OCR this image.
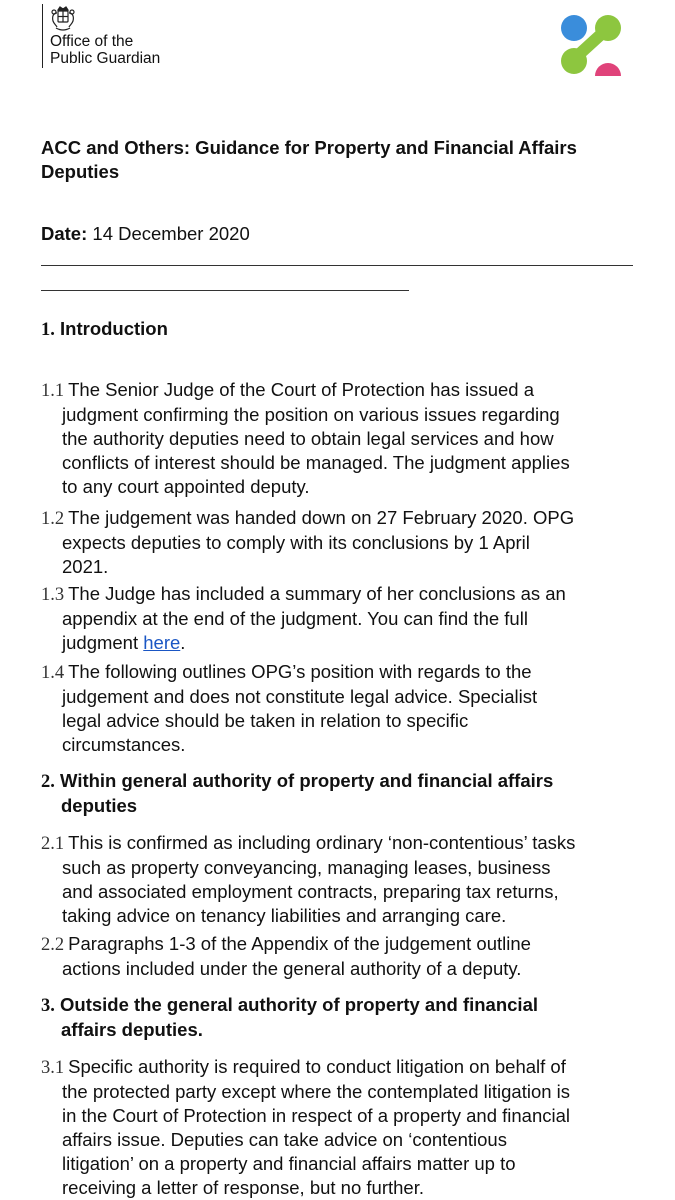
Office of the
Public Guardian
ACC and Others: Guidance for Property and Financial Affairs
Deputies
Date: 14 December 2020
1. Introduction

1.1 The Senior Judge of the Court of Protection has issued a
judgment confirming the position on various issues regarding
the authority deputies need to obtain legal services and how
conflicts of interest should be managed. The judgment applies
to any court appointed deputy.

1.2 The judgement was handed down on 27 February 2020. OPG
expects deputies to comply with its conclusions by 1 April
2021.

1.3 The Judge has included a summary of her conclusions as an
appendix at the end of the judgment. You can find the full
judgment here.

1.4 The following outlines OPG’s position with regards to the
judgement and does not constitute legal advice. Specialist
legal advice should be taken in relation to specific
circumstances.

2. Within general authority of property and financial affairs
deputies

2.1 This is confirmed as including ordinary ‘non-contentious’ tasks
such as property conveyancing, managing leases, business
and associated employment contracts, preparing tax returns,
taking advice on tenancy liabilities and arranging care.

2.2 Paragraphs 1-3 of the Appendix of the judgement outline
actions included under the general authority of a deputy.

3. Outside the general authority of property and financial
affairs deputies.

3.1 Specific authority is required to conduct litigation on behalf of
the protected party except where the contemplated litigation is
in the Court of Protection in respect of a property and financial
affairs issue. Deputies can take advice on ‘contentious
litigation’ on a property and financial affairs matter up to
receiving a letter of response, but no further.
